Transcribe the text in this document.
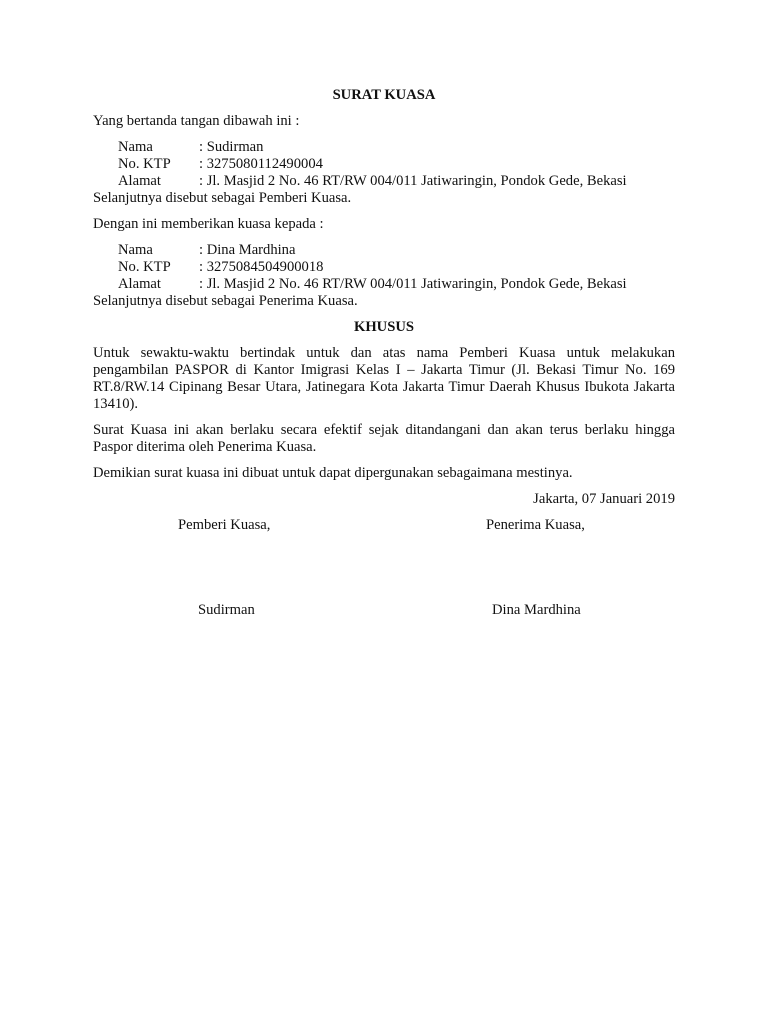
SURAT KUASA
Yang bertanda tangan dibawah ini :
Nama	: Sudirman
No. KTP	: 3275080112490004
Alamat	: Jl. Masjid 2 No. 46 RT/RW 004/011 Jatiwaringin, Pondok Gede, Bekasi
Selanjutnya disebut sebagai Pemberi Kuasa.
Dengan ini memberikan kuasa kepada :
Nama	: Dina Mardhina
No. KTP	: 3275084504900018
Alamat	: Jl. Masjid 2 No. 46 RT/RW 004/011 Jatiwaringin, Pondok Gede, Bekasi
Selanjutnya disebut sebagai Penerima Kuasa.
KHUSUS
Untuk sewaktu-waktu bertindak untuk dan atas nama Pemberi Kuasa untuk melakukan pengambilan PASPOR di Kantor Imigrasi Kelas I – Jakarta Timur (Jl. Bekasi Timur No. 169 RT.8/RW.14 Cipinang Besar Utara, Jatinegara Kota Jakarta Timur Daerah Khusus Ibukota Jakarta 13410).
Surat Kuasa ini akan berlaku secara efektif sejak ditandangani dan akan terus berlaku hingga Paspor diterima oleh Penerima Kuasa.
Demikian surat kuasa ini dibuat untuk dapat dipergunakan sebagaimana mestinya.
Jakarta, 07 Januari 2019
Pemberi Kuasa,	Penerima Kuasa,
Sudirman	Dina Mardhina
